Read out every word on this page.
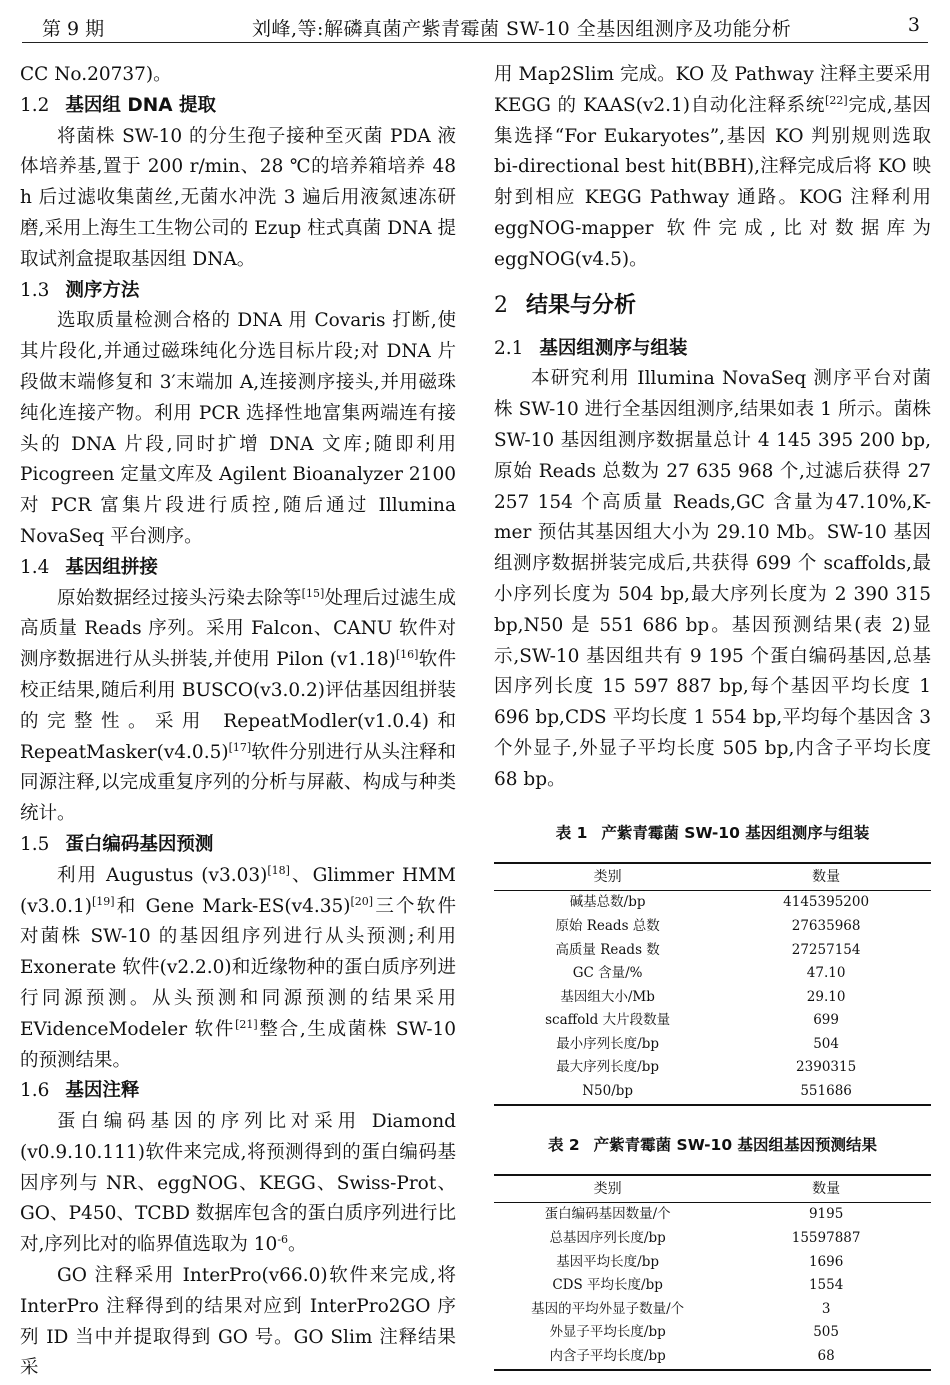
第 9 期	刘峰,等:解磷真菌产紫青霉菌 SW-10 全基因组测序及功能分析	3

CC No.20737)。

1.2 基因组 DNA 提取

将菌株 SW-10 的分生孢子接种至灭菌 PDA 液体培养基,置于 200 r/min、28 ℃的培养箱培养 48 h 后过滤收集菌丝,无菌水冲洗 3 遍后用液氮速冻研磨,采用上海生工生物公司的 Ezup 柱式真菌 DNA 提取试剂盒提取基因组 DNA。

1.3 测序方法

选取质量检测合格的 DNA 用 Covaris 打断,使其片段化,并通过磁珠纯化分选目标片段;对 DNA 片段做末端修复和 3′末端加 A,连接测序接头,并用磁珠纯化连接产物。利用 PCR 选择性地富集两端连有接头的 DNA 片段,同时扩增 DNA 文库;随即利用 Picogreen 定量文库及 Agilent Bioanalyzer 2100 对 PCR 富集片段进行质控,随后通过 Illumina NovaSeq 平台测序。

1.4 基因组拼接

原始数据经过接头污染去除等[15]处理后过滤生成高质量 Reads 序列。采用 Falcon、CANU 软件对测序数据进行从头拼装,并使用 Pilon (v1.18)[16]软件校正结果,随后利用 BUSCO(v3.0.2)评估基因组拼装的完整性。采用 RepeatModler(v1.0.4)和 RepeatMasker(v4.0.5)[17]软件分别进行从头注释和同源注释,以完成重复序列的分析与屏蔽、构成与种类统计。

1.5 蛋白编码基因预测

利用 Augustus (v3.03)[18]、Glimmer HMM (v3.0.1)[19]和 Gene Mark-ES(v4.35)[20]三个软件对菌株 SW-10 的基因组序列进行从头预测;利用 Exonerate 软件(v2.2.0)和近缘物种的蛋白质序列进行同源预测。从头预测和同源预测的结果采用 EVidenceModeler 软件[21]整合,生成菌株 SW-10 的预测结果。

1.6 基因注释

蛋白编码基因的序列比对采用 Diamond (v0.9.10.111)软件来完成,将预测得到的蛋白编码基因序列与 NR、eggNOG、KEGG、Swiss-Prot、GO、P450、TCBD 数据库包含的蛋白质序列进行比对,序列比对的临界值选取为 10$^{-6}$。

GO 注释采用 InterPro(v66.0)软件来完成,将 InterPro 注释得到的结果对应到 InterPro2GO 序列 ID 当中并提取得到 GO 号。GO Slim 注释结果采

用 Map2Slim 完成。KO 及 Pathway 注释主要采用 KEGG 的 KAAS(v2.1)自动化注释系统[22]完成,基因集选择“For Eukaryotes”,基因 KO 判别规则选取 bi-directional best hit(BBH),注释完成后将 KO 映射到相应 KEGG Pathway 通路。KOG 注释利用 eggNOG-mapper 软件完成,比对数据库为 eggNOG(v4.5)。

2 结果与分析
2.1 基因组测序与组装

本研究利用 Illumina NovaSeq 测序平台对菌株 SW-10 进行全基因组测序,结果如表 1 所示。菌株 SW-10 基因组测序数据量总计 4 145 395 200 bp,原始 Reads 总数为 27 635 968 个,过滤后获得 27 257 154 个高质量 Reads,GC 含量为47.10%,K-mer 预估其基因组大小为 29.10 Mb。SW-10 基因组测序数据拼装完成后,共获得 699 个 scaffolds,最小序列长度为 504 bp,最大序列长度为 2 390 315 bp,N50 是 551 686 bp。基因预测结果(表 2)显示,SW-10 基因组共有 9 195 个蛋白编码基因,总基因序列长度 15 597 887 bp,每个基因平均长度 1 696 bp,CDS 平均长度 1 554 bp,平均每个基因含 3 个外显子,外显子平均长度 505 bp,内含子平均长度 68 bp。

表 1 产紫青霉菌 SW-10 基因组测序与组装
类别	数量
碱基总数/bp	4145395200
原始 Reads 总数	27635968
高质量 Reads 数	27257154
GC 含量/%	47.10
基因组大小/Mb	29.10
scaffold 大片段数量	699
最小序列长度/bp	504
最大序列长度/bp	2390315
N50/bp	551686
表 2 产紫青霉菌 SW-10 基因组基因预测结果
类别	数量
蛋白编码基因数量/个	9195
总基因序列长度/bp	15597887
基因平均长度/bp	1696
CDS 平均长度/bp	1554
基因的平均外显子数量/个	3
外显子平均长度/bp	505
内含子平均长度/bp	68
